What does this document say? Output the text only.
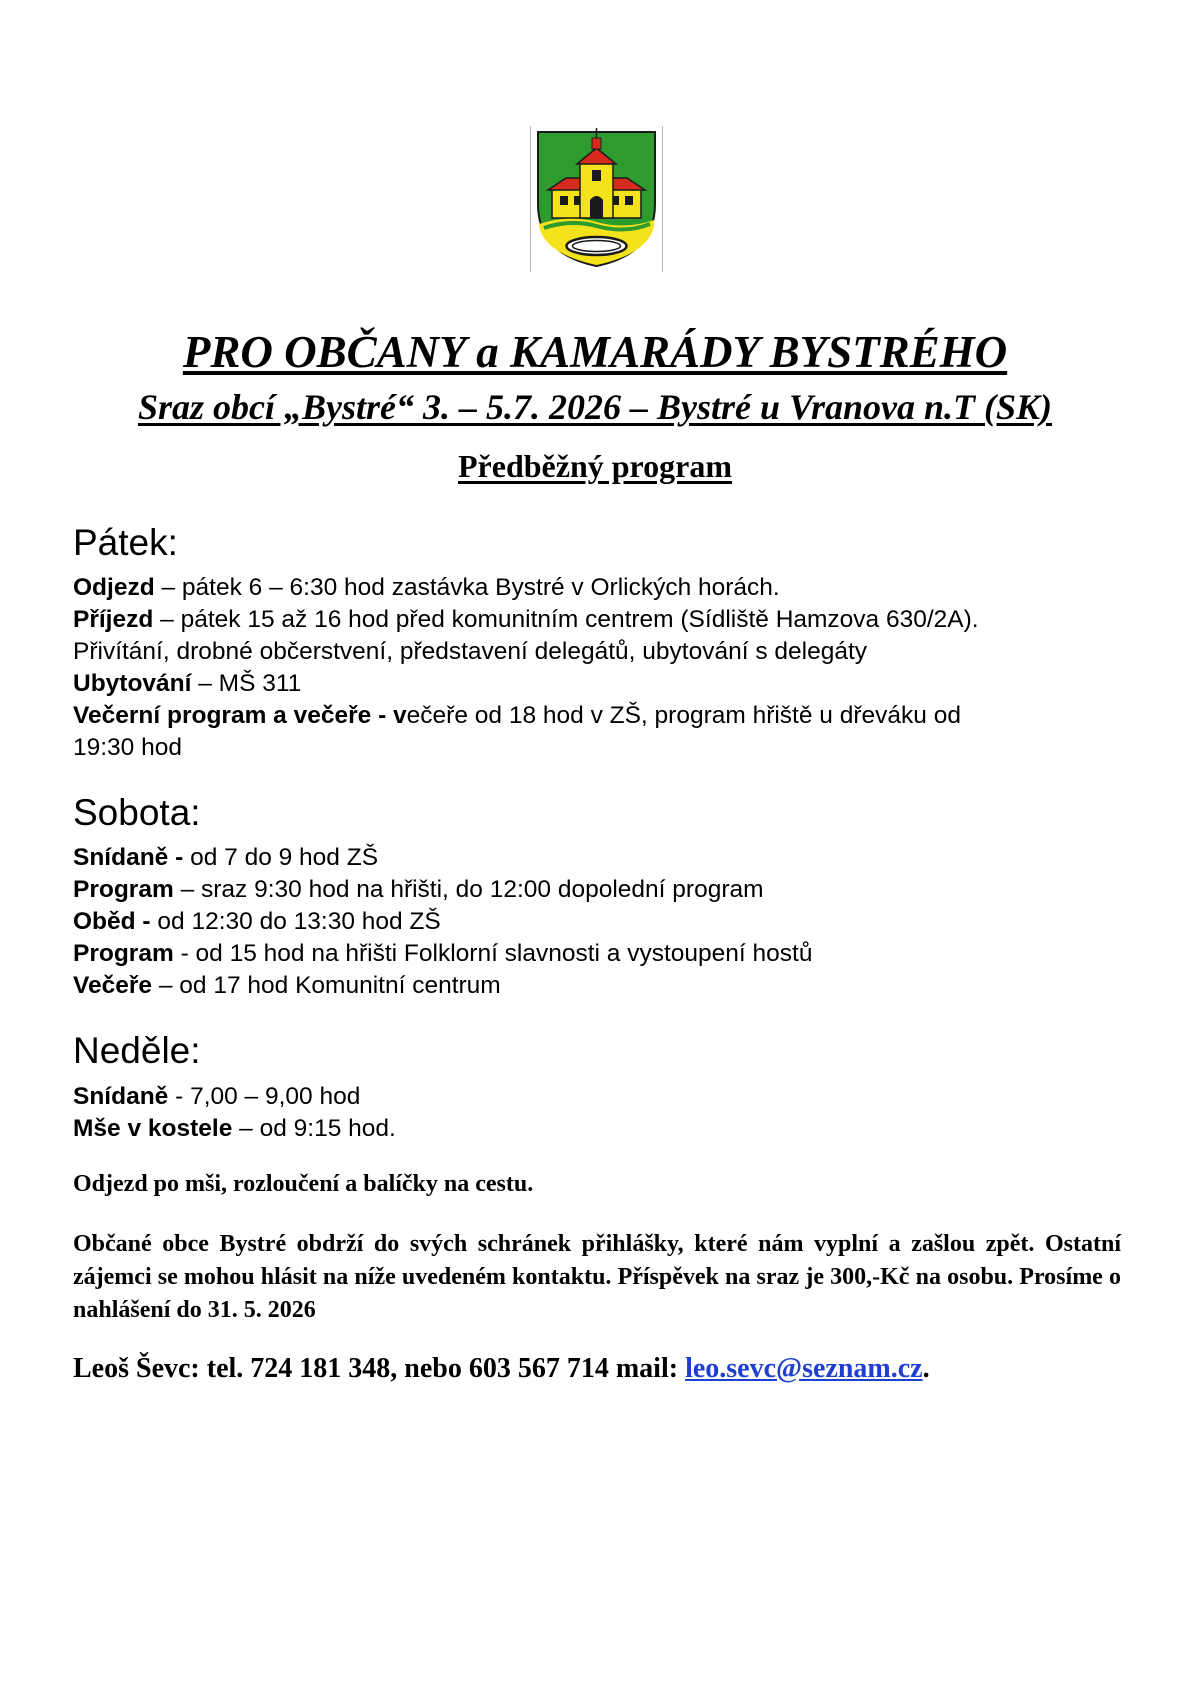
PRO OBČANY a KAMARÁDY BYSTRÉHO
Sraz obcí „Bystré“ 3. – 5.7. 2026 – Bystré u Vranova n.T (SK)
Předběžný program
Pátek:
Odjezd – pátek 6 – 6:30 hod zastávka Bystré v Orlických horách.
Příjezd – pátek 15 až 16 hod před komunitním centrem (Sídliště Hamzova 630/2A).
Přivítání, drobné občerstvení, představení delegátů, ubytování s delegáty
Ubytování – MŠ 311
Večerní program a večeře - večeře od 18 hod v ZŠ, program hřiště u dřeváku od
19:30 hod
Sobota:
Snídaně - od 7 do 9 hod ZŠ
Program – sraz 9:30 hod na hřišti, do 12:00 dopolední program
Oběd - od 12:30 do 13:30 hod ZŠ
Program - od 15 hod na hřišti Folklorní slavnosti a vystoupení hostů
Večeře – od 17 hod Komunitní centrum
Neděle:
Snídaně - 7,00 – 9,00 hod
Mše v kostele – od 9:15 hod.
Odjezd po mši, rozloučení a balíčky na cestu.
Občané obce Bystré obdrží do svých schránek přihlášky, které nám vyplní a zašlou zpět. Ostatní zájemci se mohou hlásit na níže uvedeném kontaktu. Příspěvek na sraz je 300,-Kč na osobu. Prosíme o nahlášení do 31. 5. 2026
Leoš Ševc: tel. 724 181 348, nebo 603 567 714 mail: leo.sevc@seznam.cz.
